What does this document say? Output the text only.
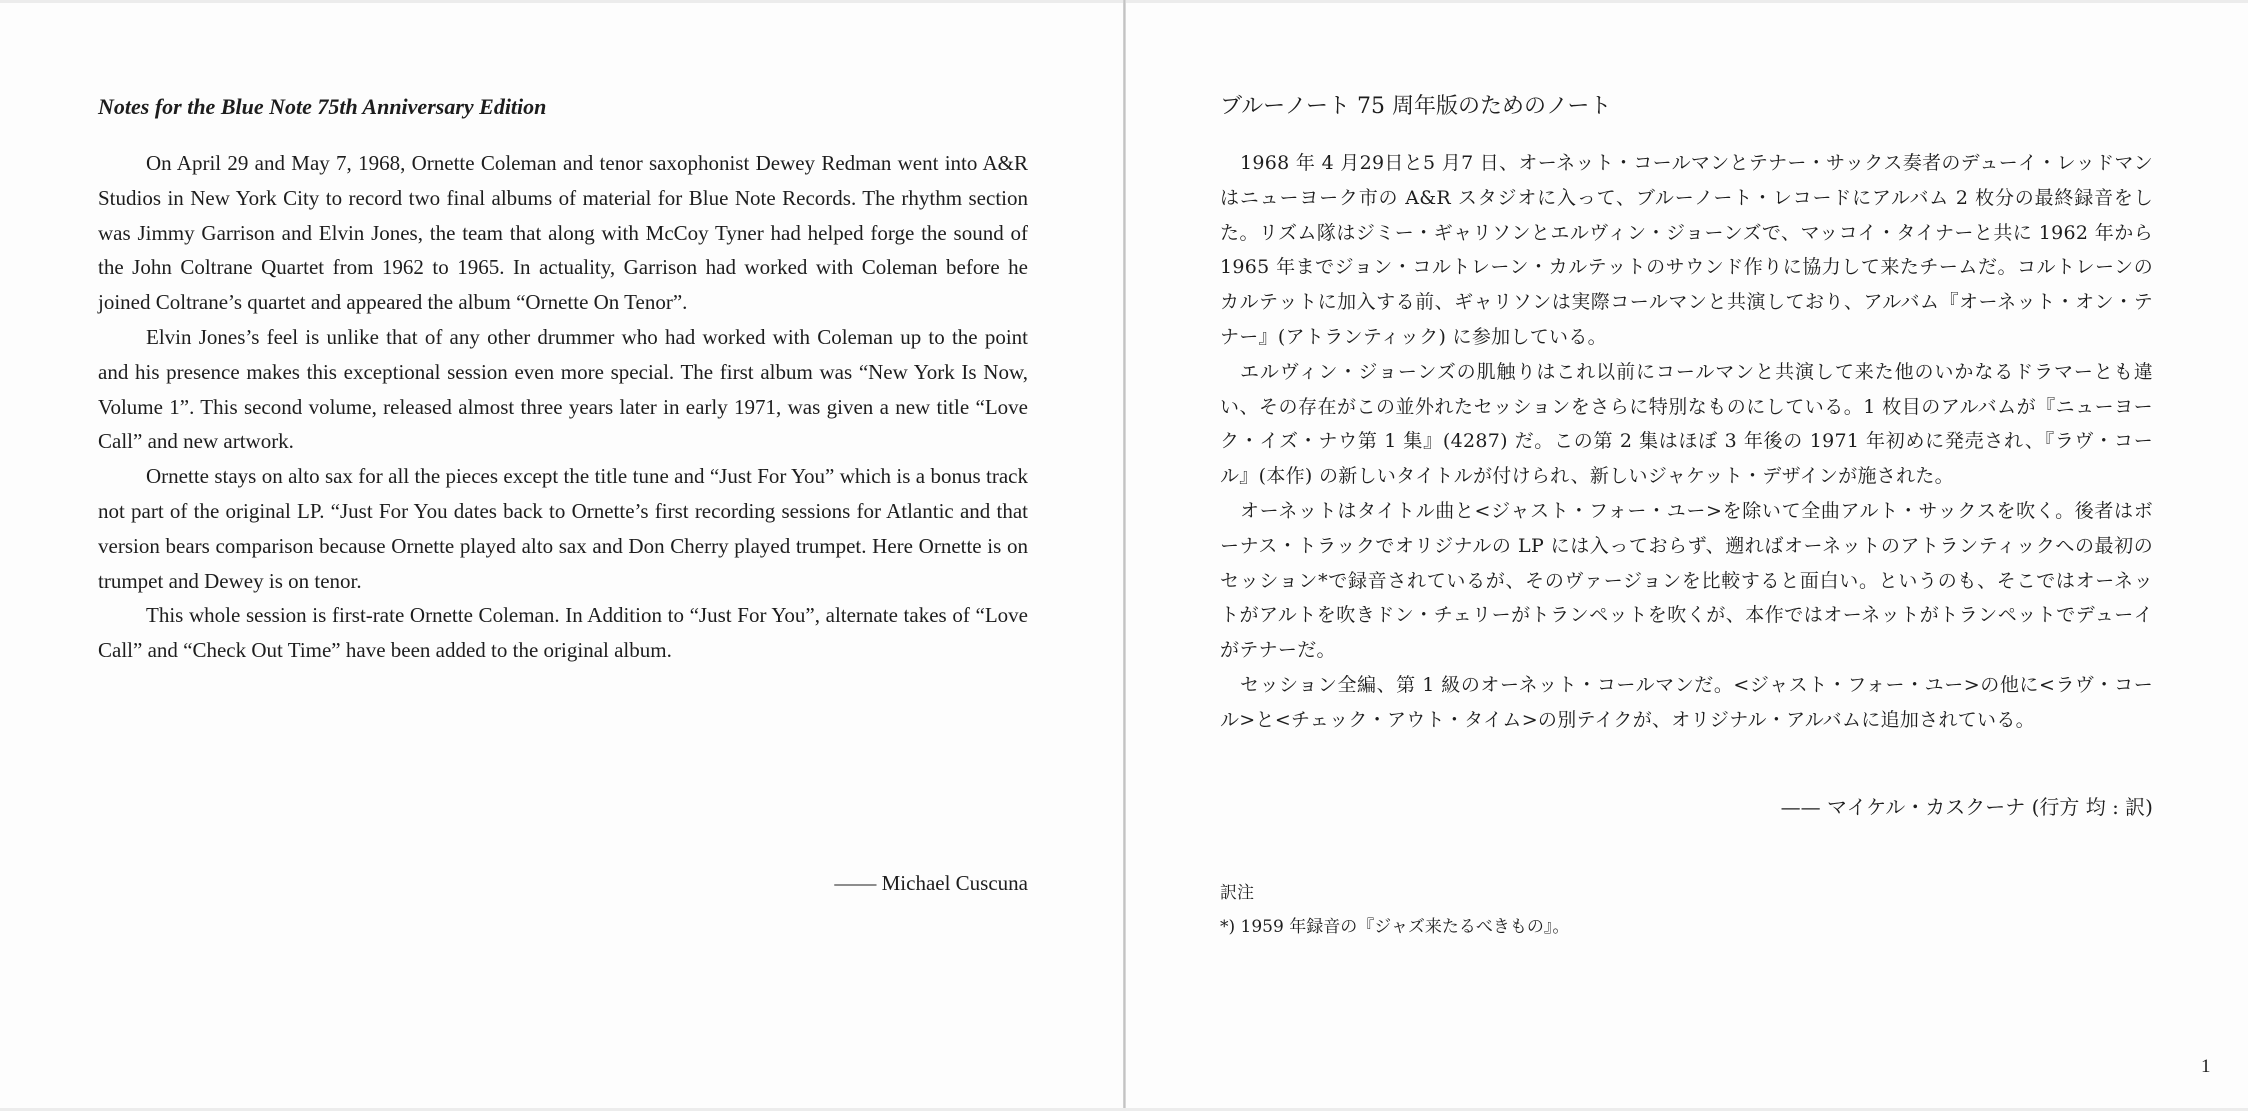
Notes for the Blue Note 75th Anniversary Edition

On April 29 and May 7, 1968, Ornette Coleman and tenor saxophonist Dewey Redman went into A&R Studios in New York City to record two final albums of material for Blue Note Records. The rhythm section was Jimmy Garrison and Elvin Jones, the team that along with McCoy Tyner had helped forge the sound of the John Coltrane Quartet from 1962 to 1965. In actuality, Garrison had worked with Coleman before he joined Coltrane’s quartet and appeared the album “Ornette On Tenor”.

Elvin Jones’s feel is unlike that of any other drummer who had worked with Coleman up to the point and his presence makes this exceptional session even more special. The first album was “New York Is Now, Volume 1”. This second volume, released almost three years later in early 1971, was given a new title “Love Call” and new artwork.

Ornette stays on alto sax for all the pieces except the title tune and “Just For You” which is a bonus track not part of the original LP. “Just For You dates back to Ornette’s first recording sessions for Atlantic and that version bears comparison because Ornette played alto sax and Don Cherry played trumpet. Here Ornette is on trumpet and Dewey is on tenor.

This whole session is first-rate Ornette Coleman. In Addition to “Just For You”, alternate takes of “Love Call” and “Check Out Time” have been added to the original album.

—— Michael Cuscuna
ブルーノート 75 周年版のためのノート

1968 年 4 月29日と5 月7 日、オーネット・コールマンとテナー・サックス奏者のデューイ・レッドマンはニューヨーク市の A&R スタジオに入って、ブルーノート・レコードにアルバム 2 枚分の最終録音をした。リズム隊はジミー・ギャリソンとエルヴィン・ジョーンズで、マッコイ・タイナーと共に 1962 年から 1965 年までジョン・コルトレーン・カルテットのサウンド作りに協力して来たチームだ。コルトレーンのカルテットに加入する前、ギャリソンは実際コールマンと共演しており、アルバム『オーネット・オン・テナー』(アトランティック) に参加している。

エルヴィン・ジョーンズの肌触りはこれ以前にコールマンと共演して来た他のいかなるドラマーとも違い、その存在がこの並外れたセッションをさらに特別なものにしている。1 枚目のアルバムが『ニューヨーク・イズ・ナウ第 1 集』(4287) だ。この第 2 集はほぼ 3 年後の 1971 年初めに発売され、『ラヴ・コール』(本作) の新しいタイトルが付けられ、新しいジャケット・デザインが施された。

オーネットはタイトル曲と<ジャスト・フォー・ユー>を除いて全曲アルト・サックスを吹く。後者はボーナス・トラックでオリジナルの LP には入っておらず、遡ればオーネットのアトランティックへの最初のセッション*で録音されているが、そのヴァージョンを比較すると面白い。というのも、そこではオーネットがアルトを吹きドン・チェリーがトランペットを吹くが、本作ではオーネットがトランペットでデューイがテナーだ。

セッション全編、第 1 級のオーネット・コールマンだ。<ジャスト・フォー・ユー>の他に<ラヴ・コール>と<チェック・アウト・タイム>の別テイクが、オリジナル・アルバムに追加されている。

—— マイケル・カスクーナ (行方 均 : 訳)
訳注
*) 1959 年録音の『ジャズ来たるべきもの』。
1
